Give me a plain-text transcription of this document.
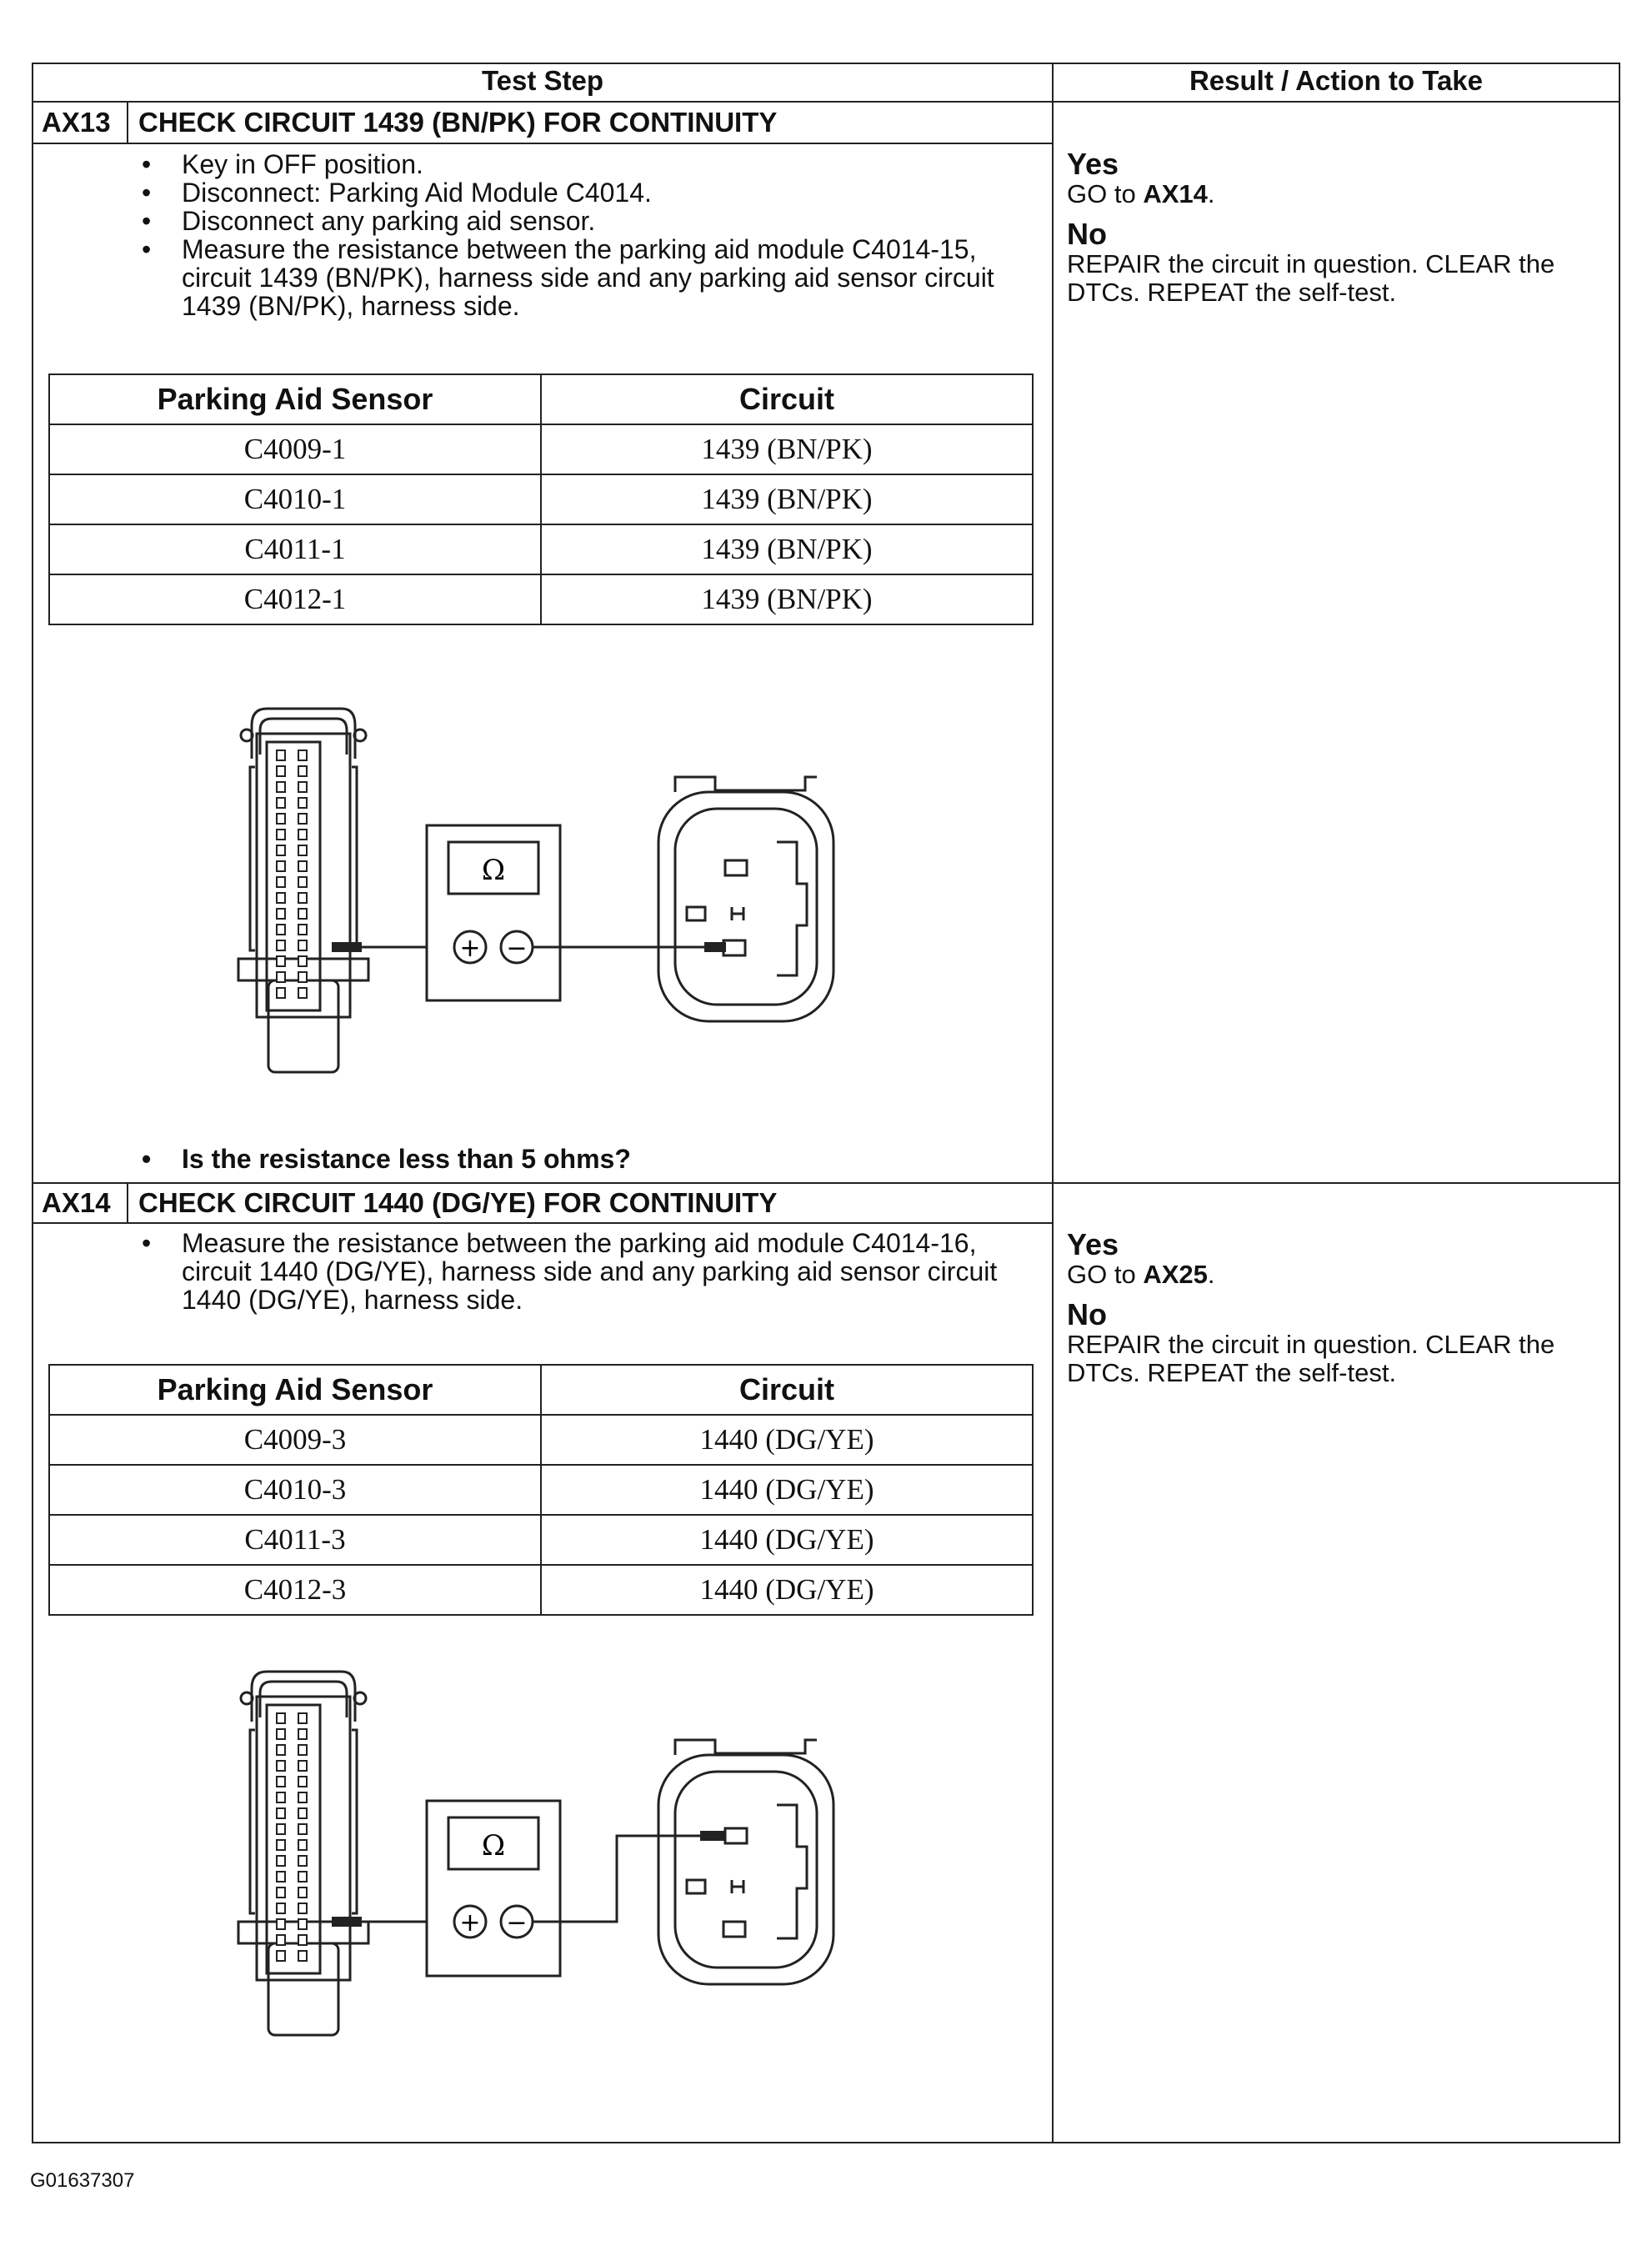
Test Step	Result / Action to Take
AX13 CHECK CIRCUIT 1439 (BN/PK) FOR CONTINUITY
• Key in OFF position.
• Disconnect: Parking Aid Module C4014.
• Disconnect any parking aid sensor.
• Measure the resistance between the parking aid module C4014-15, circuit 1439 (BN/PK), harness side and any parking aid sensor circuit 1439 (BN/PK), harness side.
Parking Aid Sensor	Circuit
C4009-1	1439 (BN/PK)
C4010-1	1439 (BN/PK)
C4011-1	1439 (BN/PK)
C4012-1	1439 (BN/PK)
Ω
+ −
• Is the resistance less than 5 ohms?
Yes
GO to AX14.
No
REPAIR the circuit in question. CLEAR the DTCs. REPEAT the self-test.
AX14 CHECK CIRCUIT 1440 (DG/YE) FOR CONTINUITY
• Measure the resistance between the parking aid module C4014-16, circuit 1440 (DG/YE), harness side and any parking aid sensor circuit 1440 (DG/YE), harness side.
Parking Aid Sensor	Circuit
C4009-3	1440 (DG/YE)
C4010-3	1440 (DG/YE)
C4011-3	1440 (DG/YE)
C4012-3	1440 (DG/YE)
Ω
+ −
Yes
GO to AX25.
No
REPAIR the circuit in question. CLEAR the DTCs. REPEAT the self-test.
G01637307
